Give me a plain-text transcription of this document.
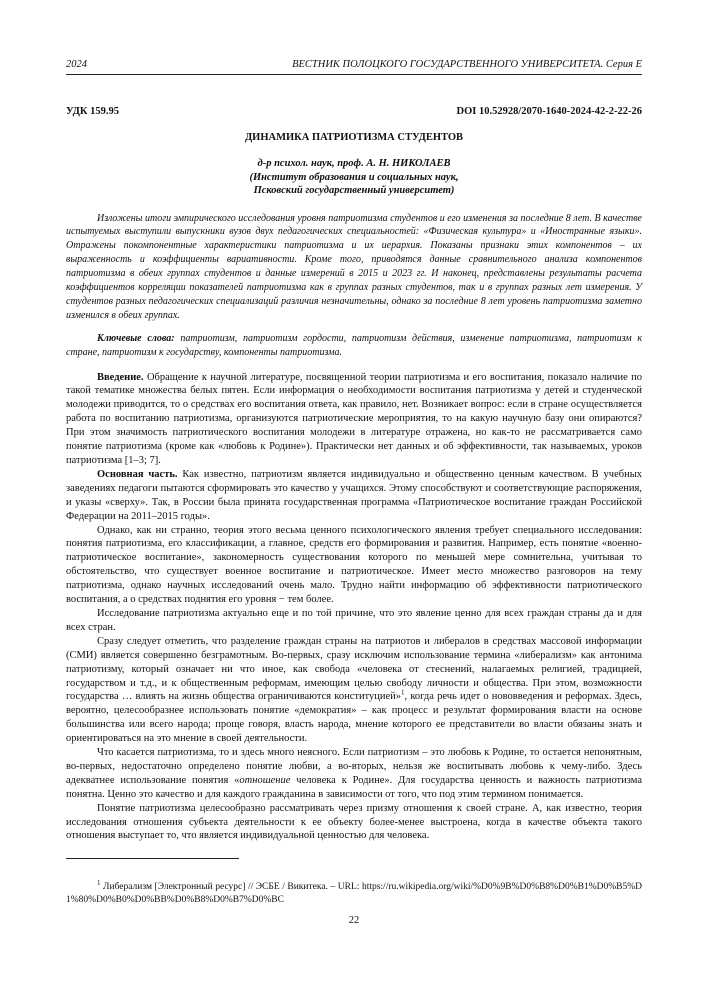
2024	ВЕСТНИК ПОЛОЦКОГО ГОСУДАРСТВЕННОГО УНИВЕРСИТЕТА. Серия Е
УДК 159.95	DOI 10.52928/2070-1640-2024-42-2-22-26
ДИНАМИКА ПАТРИОТИЗМА СТУДЕНТОВ
д-р психол. наук, проф. А. Н. НИКОЛАЕВ
(Институт образования и социальных наук,
Псковский государственный университет)
Изложены итоги эмпирического исследования уровня патриотизма студентов и его изменения за последние 8 лет. В качестве испытуемых выступили выпускники вузов двух педагогических специальностей: «Физическая культура» и «Иностранные языки». Отражены покомпонентные характеристики патриотизма и их иерархия. Показаны признаки этих компонентов – их выраженность и коэффициенты вариативности. Кроме того, приводятся данные сравнительного анализа компонентов патриотизма в обеих группах студентов и данные измерений в 2015 и 2023 гг. И наконец, представлены результаты расчета коэффициентов корреляции показателей патриотизма как в группах разных студентов, так и в группах разных лет измерения. У студентов разных педагогических специализаций различия незначительны, однако за последние 8 лет уровень патриотизма заметно изменился в обеих группах.
Ключевые слова: патриотизм, патриотизм гордости, патриотизм действия, изменение патриотизма, патриотизм к стране, патриотизм к государству, компоненты патриотизма.

Введение. Обращение к научной литературе, посвященной теории патриотизма и его воспитания, показало наличие по такой тематике множества белых пятен. Если информация о необходимости воспитания патриотизма у детей и студенческой молодежи приводится, то о средствах его воспитания ответа, как правило, нет. Возникает вопрос: если в стране осуществляется работа по воспитанию патриотизма, организуются патриотические мероприятия, то на какую научную базу они опираются? При этом значимость патриотического воспитания молодежи в литературе отражена, но как-то не рассматривается само понятие патриотизма (кроме как «любовь к Родине»). Практически нет данных и об эффективности, так называемых, уроков патриотизма [1–3; 7].

Основная часть. Как известно, патриотизм является индивидуально и общественно ценным качеством. В учебных заведениях педагоги пытаются сформировать это качество у учащихся. Этому способствуют и соответствующие распоряжения, и указы «сверху». Так, в России была принята государственная программа «Патриотическое воспитание граждан Российской Федерации на 2011–2015 годы».

Однако, как ни странно, теория этого весьма ценного психологического явления требует специального исследования: понятия патриотизма, его классификации, а главное, средств его формирования и развития. Например, есть понятие «военно-патриотическое воспитание», закономерность существования которого по меньшей мере сомнительна, учитывая то обстоятельство, что существует военное воспитание и патриотическое. Имеет место множество разговоров на тему патриотизма, однако научных исследований очень мало. Трудно найти информацию об эффективности патриотического воспитания, а о средствах поднятия его уровня − тем более.

Исследование патриотизма актуально еще и по той причине, что это явление ценно для всех граждан страны да и для всех стран.

Сразу следует отметить, что разделение граждан страны на патриотов и либералов в средствах массовой информации (СМИ) является совершенно безграмотным. Во-первых, сразу исключим использование термина «либерализм» как антонима патриотизму, который означает ни что иное, как свобода «человека от стеснений, налагаемых религией, традицией, государством и т.д., и к общественным реформам, имеющим целью свободу личности и общества. При этом, возможности государства … влиять на жизнь общества ограничиваются конституцией»$^1$, когда речь идет о нововведения и реформах. Здесь, вероятно, целесообразнее использовать понятие «демократия» – как процесс и результат формирования власти на основе большинства или всего народа; проще говоря, власть народа, мнение которого ее представители во власти обязаны знать и ориентироваться на это мнение в своей деятельности.

Что касается патриотизма, то и здесь много неясного. Если патриотизм – это любовь к Родине, то остается непонятным, во-первых, недостаточно определено понятие любви, а во-вторых, нельзя же воспитывать любовь к чему-либо. Здесь адекватнее использование понятия «отношение человека к Родине». Для государства ценность и важность патриотизма понятна. Ценно это качество и для каждого гражданина в зависимости от того, что под этим термином понимается.

Понятие патриотизма целесообразно рассматривать через призму отношения к своей стране. А, как известно, теория исследования отношения субъекта деятельности к ее объекту более-менее выстроена, когда в качестве объекта такого отношения выступает то, что является индивидуальной ценностью для человека.

$^1$ Либерализм [Электронный ресурс] // ЭСБЕ / Викитека. – URL: https://ru.wikipedia.org/wiki/%D0%9B%D0%B8%D0%B1%D0%B5%D1%80%D0%B0%D0%BB%D0%B8%D0%B7%D0%BC
22
